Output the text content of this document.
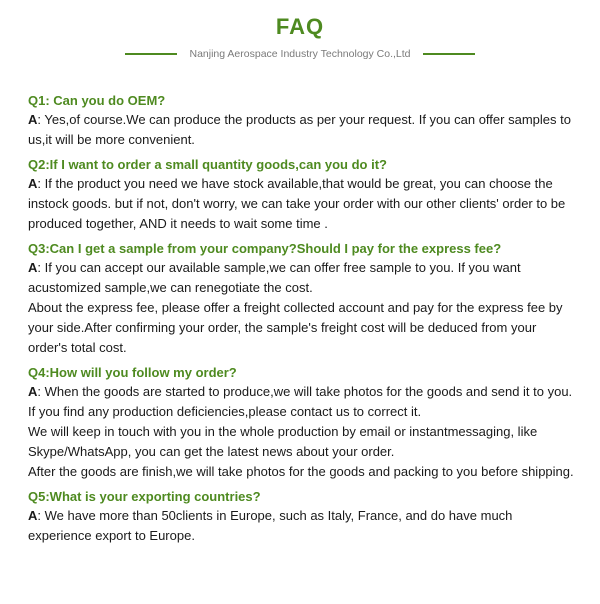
FAQ
Nanjing Aerospace Industry Technology Co.,Ltd

Q1: Can you do OEM?

A: Yes,of course.We can produce the products as per your request. If you can offer samples to us,it will be more convenient.

Q2:If I want to order a small quantity goods,can you do it?

A: If the product you need we have stock available,that would be great, you can choose the instock goods. but if not, don't worry, we can take your order with our other clients' order to be produced together, AND it needs to wait some time .

Q3:Can I get a sample from your company?Should I pay for the express fee?

A: If you can accept our available sample,we can offer free sample to you. If you want acustomized sample,we can renegotiate the cost.

About the express fee, please offer a freight collected account and pay for the express fee by your side.After confirming your order, the sample's freight cost will be deduced from your order's total cost.

Q4:How will you follow my order?

A: When the goods are started to produce,we will take photos for the goods and send it to you. If you find any production deficiencies,please contact us to correct it.

We will keep in touch with you in the whole production by email or instantmessaging, like Skype/WhatsApp, you can get the latest news about your order.

After the goods are finish,we will take photos for the goods and packing to you before shipping.

Q5:What is your exporting countries?

A: We have more than 50clients in Europe, such as Italy, France, and do have much experience export to Europe.
